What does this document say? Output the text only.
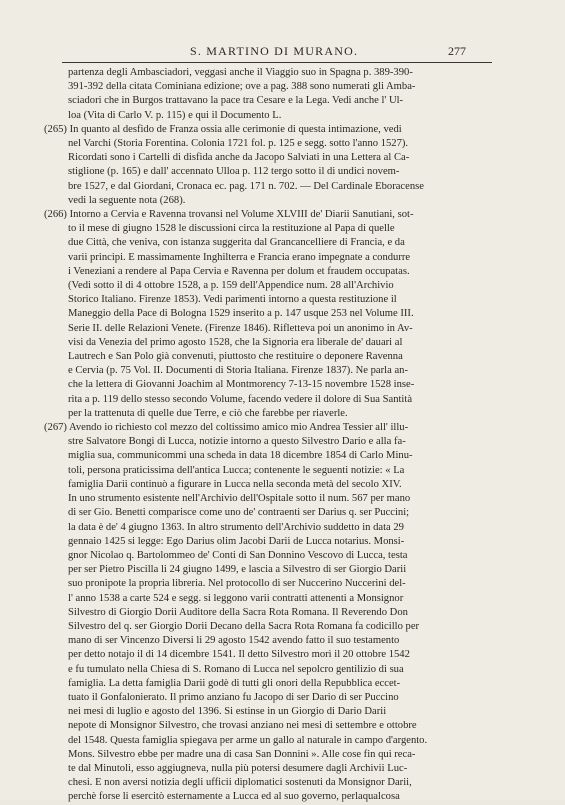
S. MARTINO DI MURANO.	277
partenza degli Ambasciadori, veggasi anche il Viaggio suo in Spagna p. 389-390-
391-392 della citata Cominiana edizione; ove a pag. 388 sono numerati gli Amba-
sciadori che in Burgos trattavano la pace tra Cesare e la Lega. Vedi anche l' Ul-
loa (Vita di Carlo V. p. 115) e qui il Documento L.
(265) In quanto al desfido de Franza ossia alle cerimonie di questa intimazione, vedi
nel Varchi (Storia Forentina. Colonia 1721 fol. p. 125 e segg. sotto l'anno 1527).
Ricordati sono i Cartelli di disfida anche da Jacopo Salviati in una Lettera al Ca-
stiglione (p. 165) e dall' accennato Ulloa p. 112 tergo sotto il di undici novem-
bre 1527, e dal Giordani, Cronaca ec. pag. 171 n. 702. — Del Cardinale Eboracense
vedi la seguente nota (268).
(266) Intorno a Cervia e Ravenna trovansi nel Volume XLVIII de' Diarii Sanutiani, sot-
to il mese di giugno 1528 le discussioni circa la restituzione al Papa di quelle
due Città, che veniva, con istanza suggerita dal Grancancelliere di Francia, e da
varii principi. E massimamente Inghilterra e Francia erano impegnate a condurre
i Veneziani a rendere al Papa Cervia e Ravenna per dolum et fraudem occupatas.
(Vedi sotto il di 4 ottobre 1528, a p. 159 dell'Appendice num. 28 all'Archivio
Storico Italiano. Firenze 1853). Vedi parimenti intorno a questa restituzione il
Maneggio della Pace di Bologna 1529 inserito a p. 147 usque 253 nel Volume III.
Serie II. delle Relazioni Venete. (Firenze 1846). Rifletteva poi un anonimo in Av-
visi da Venezia del primo agosto 1528, che la Signoria era liberale de' dauari al
Lautrech e San Polo già convenuti, piuttosto che restituire o deponere Ravenna
e Cervia (p. 75 Vol. II. Documenti di Storia Italiana. Firenze 1837). Ne parla an-
che la lettera di Giovanni Joachim al Montmorency 7-13-15 novembre 1528 inse-
rita a p. 119 dello stesso secondo Volume, facendo vedere il dolore di Sua Santità
per la trattenuta di quelle due Terre, e ciò che farebbe per riaverle.
(267) Avendo io richiesto col mezzo del coltissimo amico mio Andrea Tessier all' illu-
stre Salvatore Bongi di Lucca, notizie intorno a questo Silvestro Dario e alla fa-
miglia sua, communicommi una scheda in data 18 dicembre 1854 di Carlo Minu-
toli, persona praticissima dell'antica Lucca; contenente le seguenti notizie: « La
famiglia Darii continuò a figurare in Lucca nella seconda metà del secolo XIV.
In uno strumento esistente nell'Archivio dell'Ospitale sotto il num. 567 per mano
di ser Gio. Benetti comparisce come uno de' contraenti ser Darius q. ser Puccini;
la data è de' 4 giugno 1363. In altro strumento dell'Archivio suddetto in data 29
gennaio 1425 si legge: Ego Darius olim Jacobi Darii de Lucca notarius. Monsi-
gnor Nicolao q. Bartolommeo de' Conti di San Donnino Vescovo di Lucca, testa
per ser Pietro Piscilla li 24 giugno 1499, e lascia a Silvestro di ser Giorgio Darii
suo pronipote la propria libreria. Nel protocollo di ser Nuccerino Nuccerini del-
l' anno 1538 a carte 524 e segg. si leggono varii contratti attenenti a Monsignor
Silvestro di Giorgio Dorii Auditore della Sacra Rota Romana. Il Reverendo Don
Silvestro del q. ser Giorgio Dorii Decano della Sacra Rota Romana fa codicillo per
mano di ser Vincenzo Diversi li 29 agosto 1542 avendo fatto il suo testamento
per detto notajo il di 14 dicembre 1541. Il detto Silvestro morì il 20 ottobre 1542
e fu tumulato nella Chiesa di S. Romano di Lucca nel sepolcro gentilizio di sua
famiglia. La detta famiglia Darii godè di tutti gli onori della Repubblica eccet-
tuato il Gonfalonierato. Il primo anziano fu Jacopo di ser Dario di ser Puccino
nei mesi di luglio e agosto del 1396. Si estinse in un Giorgio di Dario Darii
nepote di Monsignor Silvestro, che trovasi anziano nei mesi di settembre e ottobre
del 1548. Questa famiglia spiegava per arme un gallo al naturale in campo d'argento.
Mons. Silvestro ebbe per madre una di casa San Donnini ». Alle cose fin qui reca-
te dal Minutoli, esso aggiugneva, nulla più potersi desumere dagli Archivii Luc-
chesi. E non aversi notizia degli ufficii diplomatici sostenuti da Monsignor Darii,
perchè forse li esercitò esternamente a Lucca ed al suo governo, perlaqualcosa
